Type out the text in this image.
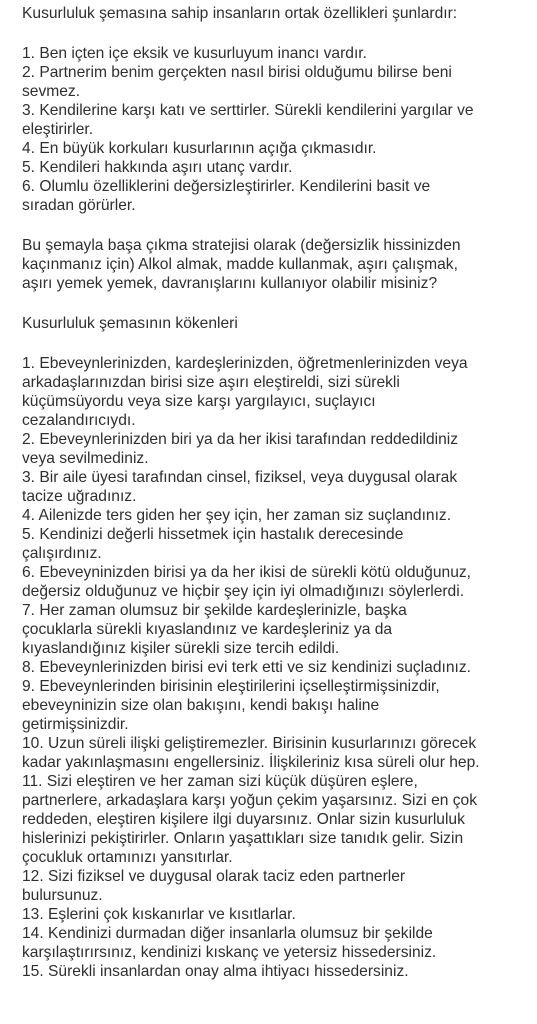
Kusurluluk şemasına sahip insanların ortak özellikleri şunlardır:
1. Ben içten içe eksik ve kusurluyum inancı vardır.
2. Partnerim benim gerçekten nasıl birisi olduğumu bilirse beni
sevmez.
3. Kendilerine karşı katı ve serttirler. Sürekli kendilerini yargılar ve
eleştirirler.
4. En büyük korkuları kusurlarının açığa çıkmasıdır.
5. Kendileri hakkında aşırı utanç vardır.
6. Olumlu özelliklerini değersizleştirirler. Kendilerini basit ve
sıradan görürler.
Bu şemayla başa çıkma stratejisi olarak (değersizlik hissinizden
kaçınmanız için) Alkol almak, madde kullanmak, aşırı çalışmak,
aşırı yemek yemek, davranışlarını kullanıyor olabilir misiniz?
Kusurluluk şemasının kökenleri
1. Ebeveynlerinizden, kardeşlerinizden, öğretmenlerinizden veya
arkadaşlarınızdan birisi size aşırı eleştireldi, sizi sürekli
küçümsüyordu veya size karşı yargılayıcı, suçlayıcı
cezalandırıcıydı.
2. Ebeveynlerinizden biri ya da her ikisi tarafından reddedildiniz
veya sevilmediniz.
3. Bir aile üyesi tarafından cinsel, fiziksel, veya duygusal olarak
tacize uğradınız.
4. Ailenizde ters giden her şey için, her zaman siz suçlandınız.
5. Kendinizi değerli hissetmek için hastalık derecesinde
çalışırdınız.
6. Ebeveyninizden birisi ya da her ikisi de sürekli kötü olduğunuz,
değersiz olduğunuz ve hiçbir şey için iyi olmadığınızı söylerlerdi.
7. Her zaman olumsuz bir şekilde kardeşlerinizle, başka
çocuklarla sürekli kıyaslandınız ve kardeşleriniz ya da
kıyaslandığınız kişiler sürekli size tercih edildi.
8. Ebeveynlerinizden birisi evi terk etti ve siz kendinizi suçladınız.
9. Ebeveynlerinden birisinin eleştirilerini içselleştirmişsinizdir,
ebeveyninizin size olan bakışını, kendi bakışı haline
getirmişsinizdir.
10. Uzun süreli ilişki geliştiremezler. Birisinin kusurlarınızı görecek
kadar yakınlaşmasını engellersiniz. İlişkileriniz kısa süreli olur hep.
11. Sizi eleştiren ve her zaman sizi küçük düşüren eşlere,
partnerlere, arkadaşlara karşı yoğun çekim yaşarsınız. Sizi en çok
reddeden, eleştiren kişilere ilgi duyarsınız. Onlar sizin kusurluluk
hislerinizi pekiştirirler. Onların yaşattıkları size tanıdık gelir. Sizin
çocukluk ortamınızı yansıtırlar.
12. Sizi fiziksel ve duygusal olarak taciz eden partnerler
bulursunuz.
13. Eşlerini çok kıskanırlar ve kısıtlarlar.
14. Kendinizi durmadan diğer insanlarla olumsuz bir şekilde
karşılaştırırsınız, kendinizi kıskanç ve yetersiz hissedersiniz.
15. Sürekli insanlardan onay alma ihtiyacı hissedersiniz.
